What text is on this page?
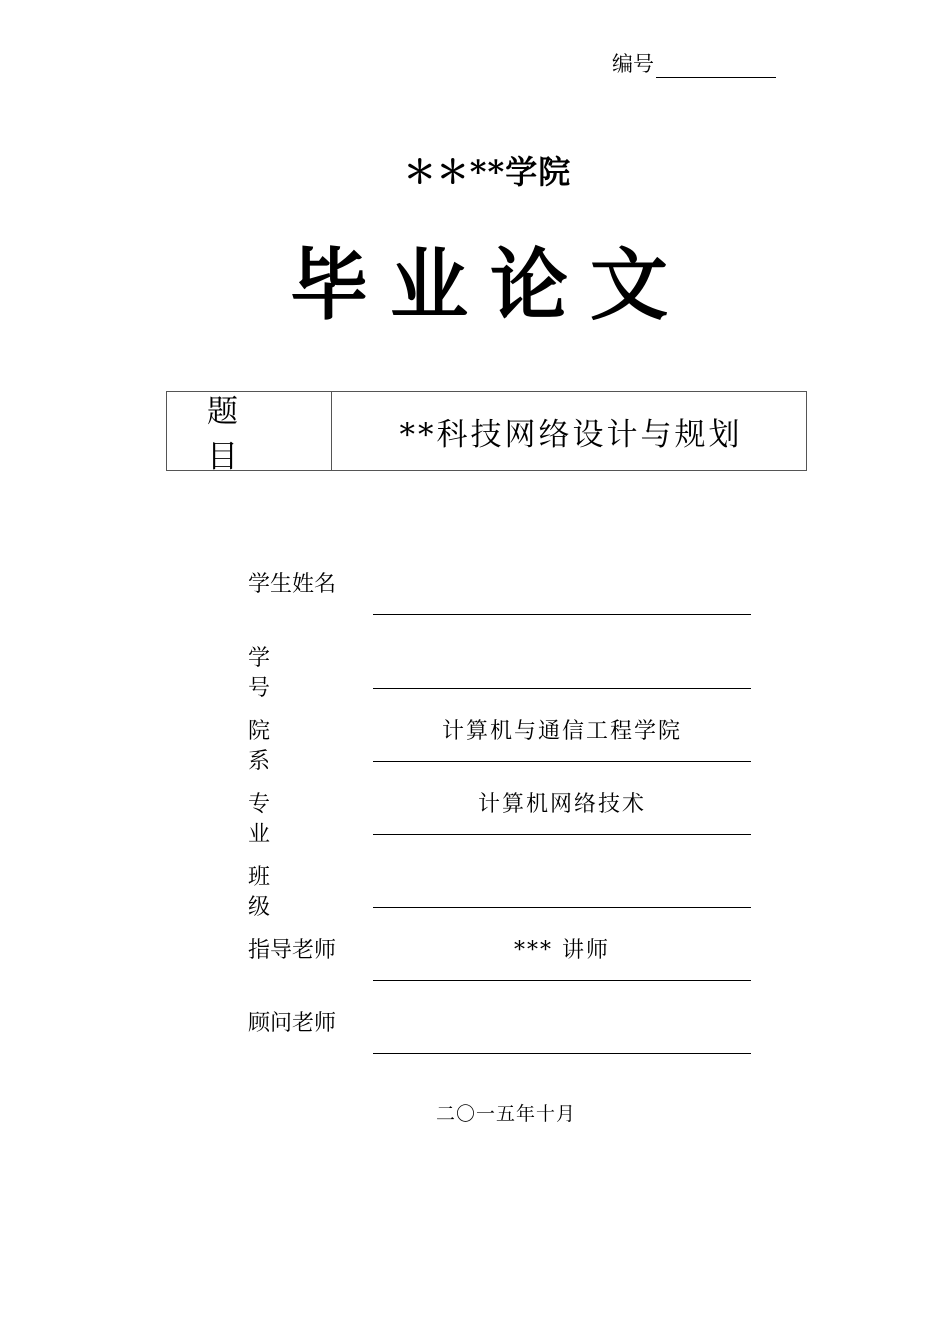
编号
＊＊**学院
毕业论文
题目
**科技网络设计与规划
学生姓名
学号
院系
计算机与通信工程学院
专业
计算机网络技术
班级
指导老师	*** 讲师
顾问老师
二〇一五年十月
